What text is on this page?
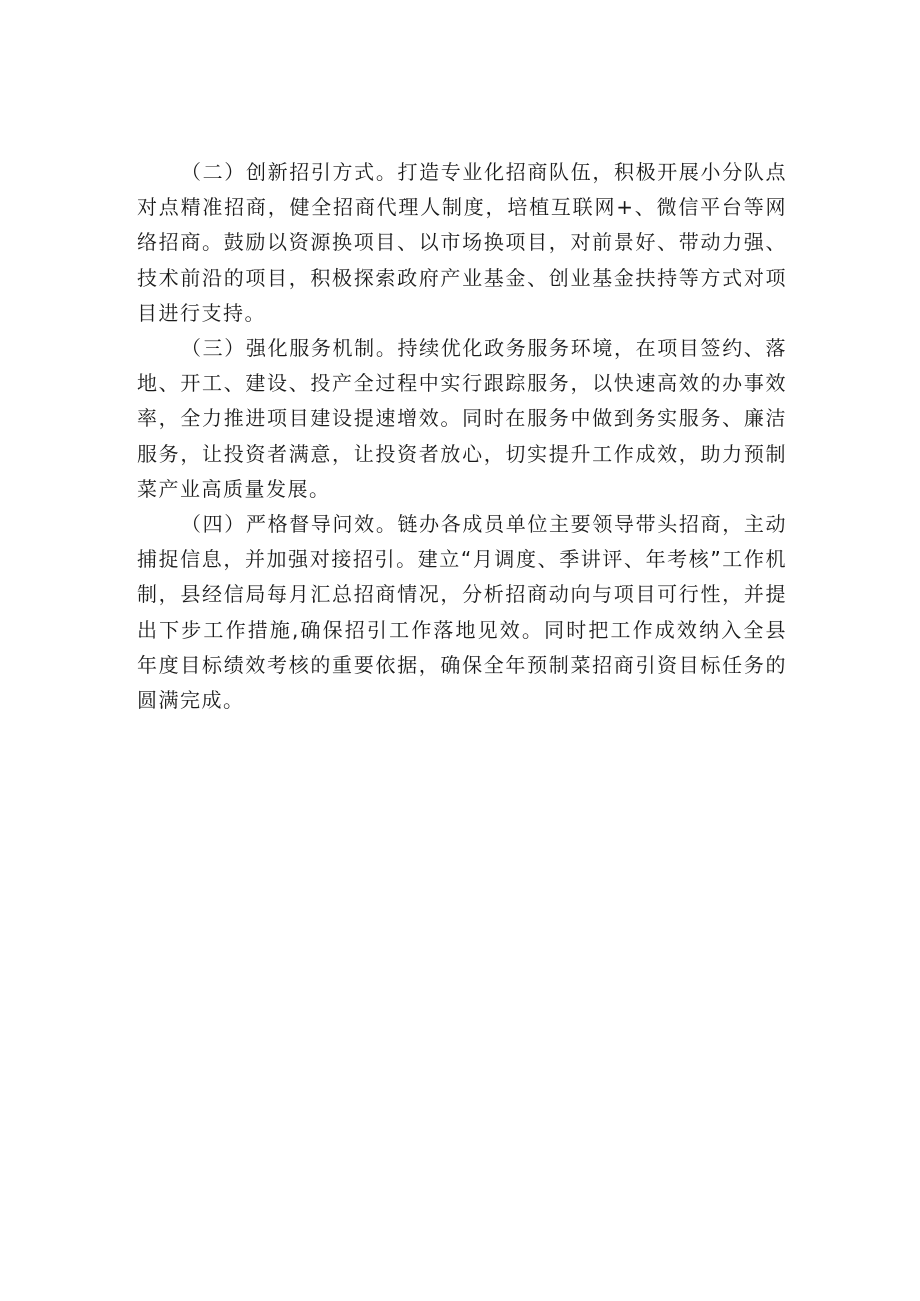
（二）创新招引方式。打造专业化招商队伍，积极开展小分队点对点精准招商，健全招商代理人制度，培植互联网+、微信平台等网络招商。鼓励以资源换项目、以市场换项目，对前景好、带动力强、技术前沿的项目，积极探索政府产业基金、创业基金扶持等方式对项目进行支持。

（三）强化服务机制。持续优化政务服务环境，在项目签约、落地、开工、建设、投产全过程中实行跟踪服务，以快速高效的办事效率，全力推进项目建设提速增效。同时在服务中做到务实服务、廉洁服务，让投资者满意，让投资者放心，切实提升工作成效，助力预制菜产业高质量发展。

（四）严格督导问效。链办各成员单位主要领导带头招商，主动捕捉信息，并加强对接招引。建立“月调度、季讲评、年考核”工作机制，县经信局每月汇总招商情况，分析招商动向与项目可行性，并提出下步工作措施,确保招引工作落地见效。同时把工作成效纳入全县年度目标绩效考核的重要依据，确保全年预制菜招商引资目标任务的圆满完成。
